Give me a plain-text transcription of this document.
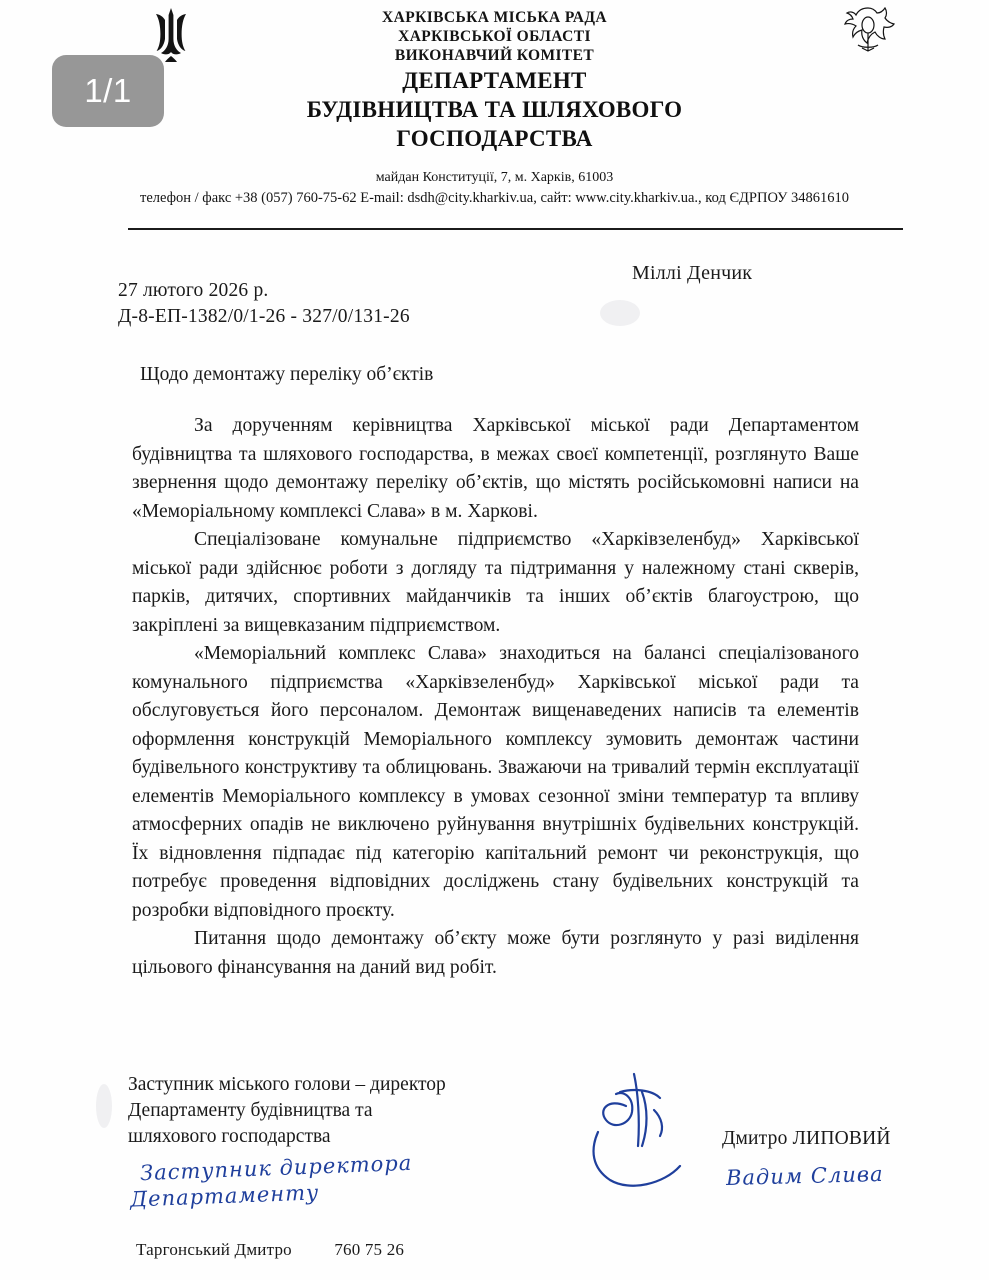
1/1
ХАРКІВСЬКА МІСЬКА РАДА
ХАРКІВСЬКОЇ ОБЛАСТІ
ВИКОНАВЧИЙ КОМІТЕТ
ДЕПАРТАМЕНТ
БУДІВНИЦТВА ТА ШЛЯХОВОГО
ГОСПОДАРСТВА
майдан Конституції, 7, м. Харків, 61003
телефон / факс +38 (057) 760-75-62 E-mail: dsdh@city.kharkiv.ua, сайт: www.city.kharkiv.ua., код ЄДРПОУ 34861610
Міллі Денчик
27 лютого 2026 р.
Д-8-ЕП-1382/0/1-26 - 327/0/131-26
Щодо демонтажу переліку об’єктів

За дорученням керівництва Харківської міської ради Департаментом будівництва та шляхового господарства, в межах своєї компетенції, розглянуто Ваше звернення щодо демонтажу переліку об’єктів, що містять російськомовні написи на «Меморіальному комплексі Слава» в м. Харкові.

Спеціалізоване комунальне підприємство «Харківзеленбуд» Харківської міської ради здійснює роботи з догляду та підтримання у належному стані скверів, парків, дитячих, спортивних майданчиків та інших об’єктів благоустрою, що закріплені за вищевказаним підприємством.

«Меморіальний комплекс Слава» знаходиться на балансі спеціалізованого комунального підприємства «Харківзеленбуд» Харківської міської ради та обслуговується його персоналом. Демонтаж вищенаведених написів та елементів оформлення конструкцій Меморіального комплексу зумовить демонтаж частини будівельного конструктиву та облицювань. Зважаючи на тривалий термін експлуатації елементів Меморіального комплексу в умовах сезонної зміни температур та впливу атмосферних опадів не виключено руйнування внутрішніх будівельних конструкцій. Їх відновлення підпадає під категорію капітальний ремонт чи реконструкція, що потребує проведення відповідних досліджень стану будівельних конструкцій та розробки відповідного проєкту.

Питання щодо демонтажу об’єкту може бути розглянуто у разі виділення цільового фінансування на даний вид робіт.

Заступник міського голови – директор
Департаменту будівництва та
шляхового господарства	Дмитро ЛИПОВИЙ
Заступник директора
Департаменту
Вадим Слива
Таргонський Дмитро 760 75 26
